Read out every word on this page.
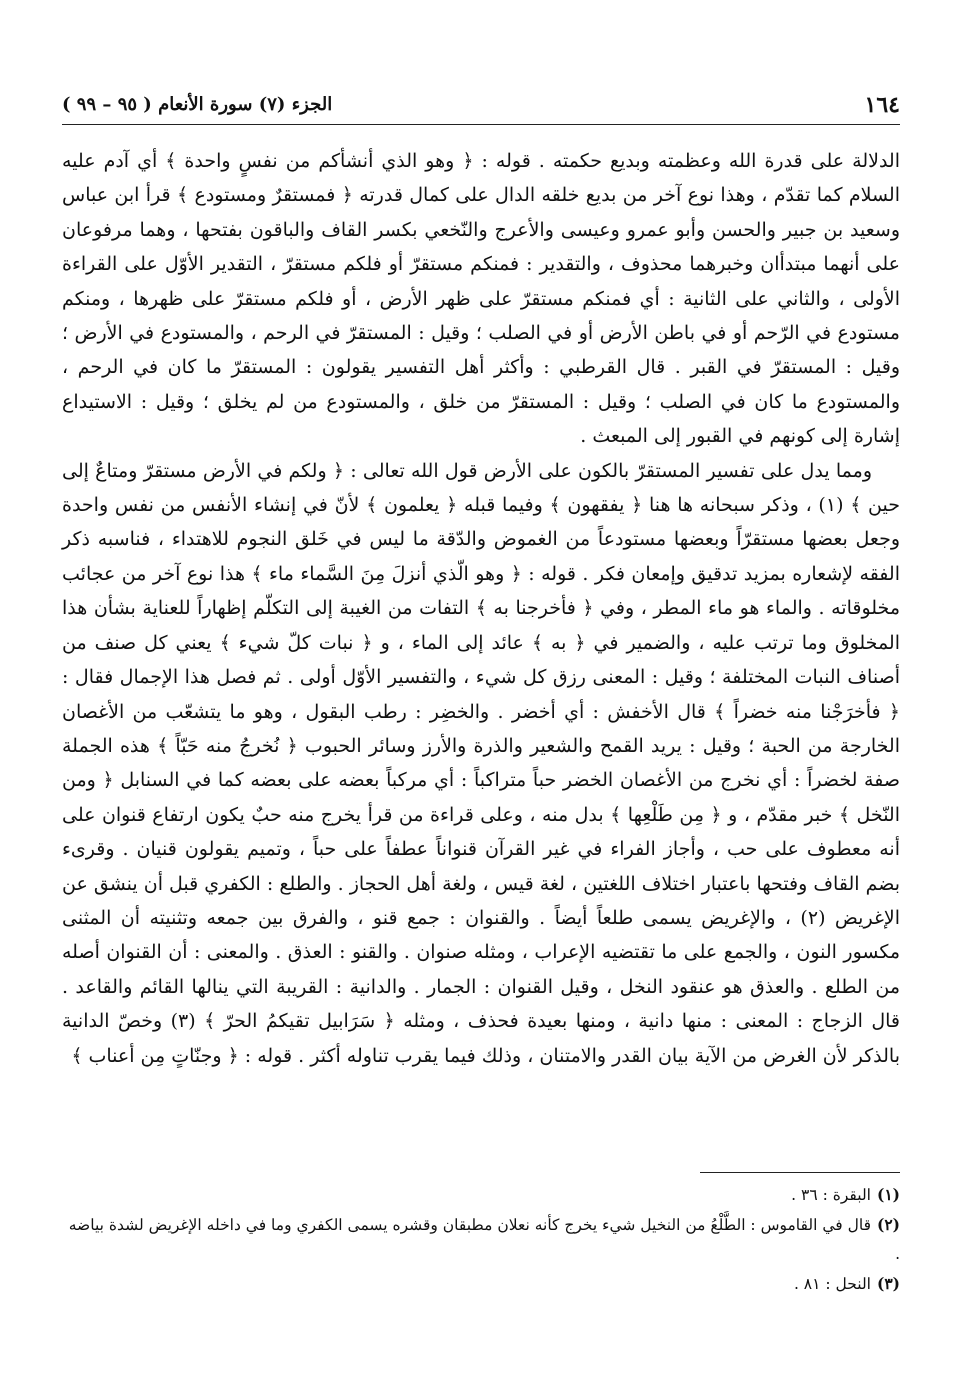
١٦٤
الجزء (٧) سورة الأنعام ( ٩٥ – ٩٩ )

الدلالة على قدرة الله وعظمته وبديع حكمته . قوله : ﴿ وهو الذي أنشأكم من نفسٍ واحدة ﴾ أي آدم عليه السلام كما تقدّم ، وهذا نوع آخر من بديع خلقه الدال على كمال قدرته ﴿ فمستقرٌ ومستودع ﴾ قرأ ابن عباس وسعيد بن جبير والحسن وأبو عمرو وعيسى والأعرج والنّخعي بكسر القاف والباقون بفتحها ، وهما مرفوعان على أنهما مبتدأان وخبرهما محذوف ، والتقدير : فمنكم مستقرّ أو فلكم مستقرّ ، التقدير الأوّل على القراءة الأولى ، والثاني على الثانية : أي فمنكم مستقرّ على ظهر الأرض ، أو فلكم مستقرّ على ظهرها ، ومنكم مستودع في الرّحم أو في باطن الأرض أو في الصلب ؛ وقيل : المستقرّ في الرحم ، والمستودع في الأرض ؛ وقيل : المستقرّ في القبر . قال القرطبي : وأكثر أهل التفسير يقولون : المستقرّ ما كان في الرحم ، والمستودع ما كان في الصلب ؛ وقيل : المستقرّ من خلق ، والمستودع من لم يخلق ؛ وقيل : الاستيداع إشارة إلى كونهم في القبور إلى المبعث .

ومما يدل على تفسير المستقرّ بالكون على الأرض قول الله تعالى : ﴿ ولكم في الأرض مستقرّ ومتاعٌ إلى حين ﴾ (١) ، وذكر سبحانه ها هنا ﴿ يفقهون ﴾ وفيما قبله ﴿ يعلمون ﴾ لأنّ في إنشاء الأنفس من نفس واحدة وجعل بعضها مستقرّاً وبعضها مستودعاً من الغموض والدّقة ما ليس في خَلق النجوم للاهتداء ، فناسبه ذكر الفقه لإشعاره بمزيد تدقيق وإمعان فكر . قوله : ﴿ وهو الّذي أنزلَ مِنَ السَّماء ماء ﴾ هذا نوع آخر من عجائب مخلوقاته . والماء هو ماء المطر ، وفي ﴿ فأخرجنا به ﴾ التفات من الغيبة إلى التكلّم إظهاراً للعناية بشأن هذا المخلوق وما ترتب عليه ، والضمير في ﴿ به ﴾ عائد إلى الماء ، و ﴿ نبات كلّ شيء ﴾ يعني كل صنف من أصناف النبات المختلفة ؛ وقيل : المعنى رزق كل شيء ، والتفسير الأوّل أولى . ثم فصل هذا الإجمال فقال : ﴿ فأخرَجْنا منه خضراً ﴾ قال الأخفش : أي أخضر . والخضِر : رطب البقول ، وهو ما يتشعّب من الأغصان الخارجة من الحبة ؛ وقيل : يريد القمح والشعير والذرة والأرز وسائر الحبوب ﴿ نُخرجُ منه حَبّاً ﴾ هذه الجملة صفة لخضراً : أي نخرج من الأغصان الخضر حباً متراكباً : أي مركباً بعضه على بعضه كما في السنابل ﴿ ومن النّخل ﴾ خبر مقدّم ، و ﴿ مِن طَلْعِها ﴾ بدل منه ، وعلى قراءة من قرأ يخرج منه حبٌ يكون ارتفاع قنوان على أنه معطوف على حب ، وأجاز الفراء في غير القرآن قنواناً عطفاً على حباً ، وتميم يقولون قنيان . وقرىء بضم القاف وفتحها باعتبار اختلاف اللغتين ، لغة قيس ، ولغة أهل الحجاز . والطلع : الكفري قبل أن ينشق عن الإغريض (٢) ، والإغريض يسمى طلعاً أيضاً . والقنوان : جمع قنو ، والفرق بين جمعه وتثنيته أن المثنى مكسور النون ، والجمع على ما تقتضيه الإعراب ، ومثله صنوان . والقنو : العذق . والمعنى : أن القنوان أصله من الطلع . والعذق هو عنقود النخل ، وقيل القنوان : الجمار . والدانية : القريبة التي ينالها القائم والقاعد . قال الزجاج : المعنى : منها دانية ، ومنها بعيدة فحذف ، ومثله ﴿ سَرَابيل تقيكمُ الحرّ ﴾ (٣) وخصّ الدانية بالذكر لأن الغرض من الآية بيان القدر والامتنان ، وذلك فيما يقرب تناوله أكثر . قوله : ﴿ وجنّاتٍ مِن أعناب ﴾

(١)البقرة : ٣٦ .

(٢)قال في القاموس : الطَّلْعُ من النخيل شيء يخرج كأنه نعلان مطبقان وقشره يسمى الكفري وما في داخله الإغريض لشدة بياضه .

(٣)النحل : ٨١ .
